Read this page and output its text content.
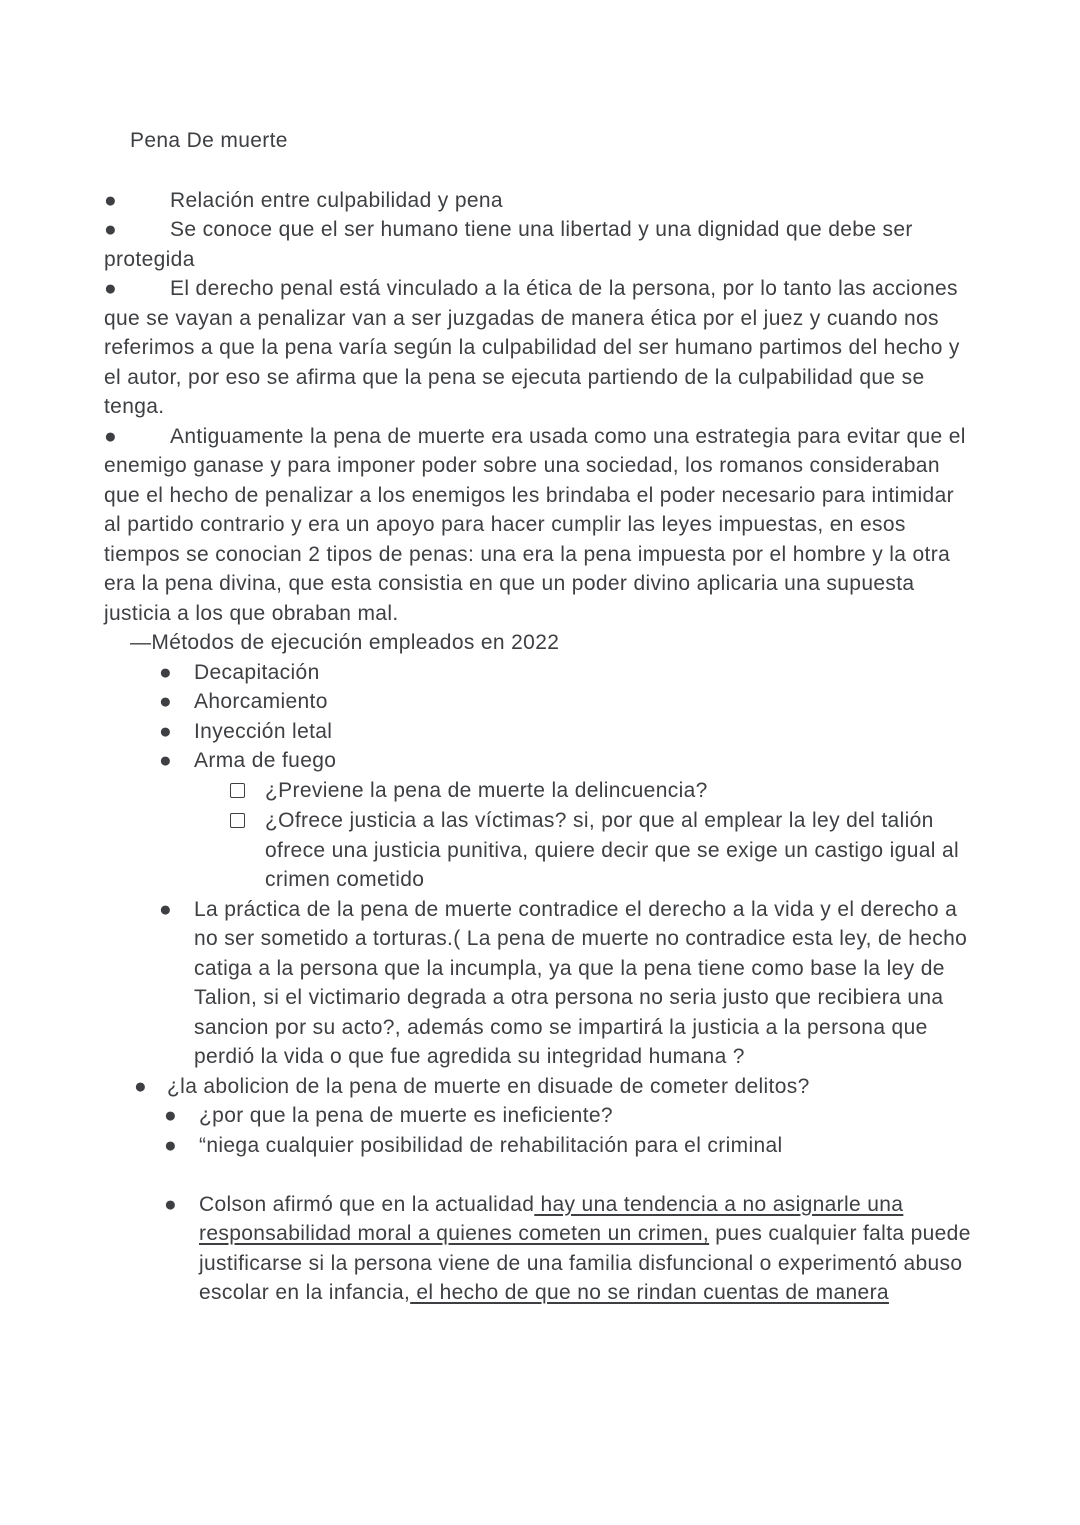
Pena De muerte
●	Relación entre culpabilidad y pena
●	Se conoce que el ser humano tiene una libertad y una dignidad que debe ser protegida
●	El derecho penal está vinculado a la ética de la persona, por lo tanto las acciones que se vayan a penalizar van a ser juzgadas de manera ética por el juez y cuando nos referimos a que la pena varía según la culpabilidad del ser humano partimos del hecho y el autor, por eso se afirma que la pena se ejecuta partiendo de la culpabilidad que se tenga.
●	Antiguamente la pena de muerte era usada como una estrategia para evitar que el enemigo ganase y para imponer poder sobre una sociedad, los romanos consideraban que el hecho de penalizar a los enemigos les brindaba el poder necesario para intimidar al partido contrario y era un apoyo para hacer cumplir las leyes impuestas, en esos tiempos se conocian 2 tipos de penas: una era la pena impuesta por el hombre y la otra era la pena divina, que esta consistia en que un poder divino aplicaria una supuesta justicia a los que obraban mal.
—Métodos de ejecución empleados en 2022
●	Decapitación
●	Ahorcamiento
●	Inyección letal
●	Arma de fuego
¿Previene la pena de muerte la delincuencia?
¿Ofrece justicia a las víctimas? si, por que al emplear la ley del talión ofrece una justicia punitiva, quiere decir que se exige un castigo igual al crimen cometido
●	La práctica de la pena de muerte contradice el derecho a la vida y el derecho a no ser sometido a torturas.( La pena de muerte no contradice esta ley, de hecho catiga a la persona que la incumpla, ya que la pena tiene como base la ley de Talion, si el victimario degrada a otra persona no seria justo que recibiera una sancion por su acto?, además como se impartirá la justicia a la persona que perdió la vida o que fue agredida su integridad humana ?
● ¿la abolicion de la pena de muerte en disuade de cometer delitos?
●	¿por que la pena de muerte es ineficiente?
●	“niega cualquier posibilidad de rehabilitación para el criminal
●	Colson afirmó que en la actualidad hay una tendencia a no asignarle una responsabilidad moral a quienes cometen un crimen, pues cualquier falta puede justificarse si la persona viene de una familia disfuncional o experimentó abuso escolar en la infancia, el hecho de que no se rindan cuentas de manera
